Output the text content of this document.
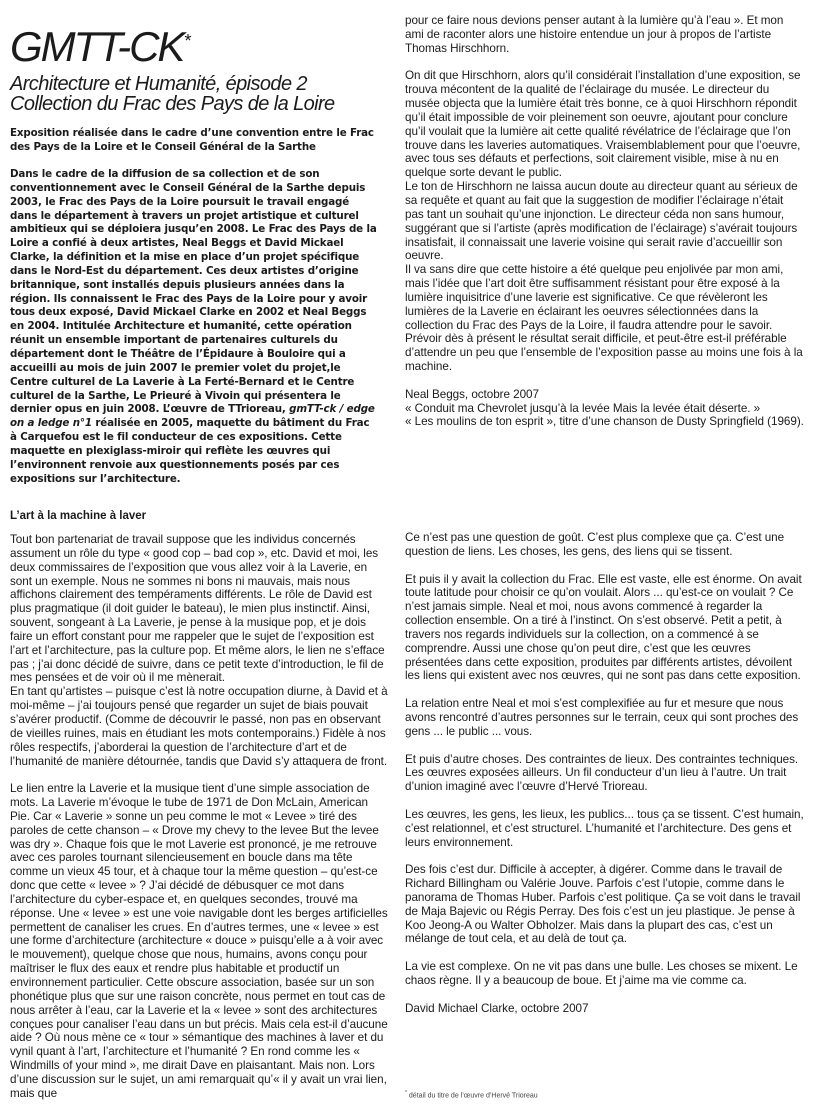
GMTT-CK*
Architecture et Humanité, épisode 2
Collection du Frac des Pays de la Loire
Exposition réalisée dans le cadre d’une convention entre le Frac des Pays de la Loire et le Conseil Général de la Sarthe
Dans le cadre de la diffusion de sa collection et de son conventionnement avec le Conseil Général de la Sarthe depuis 2003, le Frac des Pays de la Loire poursuit le travail engagé dans le département à travers un projet artistique et culturel ambitieux qui se déploiera jusqu’en 2008. Le Frac des Pays de la Loire a confié à deux artistes, Neal Beggs et David Mickael Clarke, la définition et la mise en place d’un projet spécifique dans le Nord-Est du département. Ces deux artistes d’origine britannique, sont installés depuis plusieurs années dans la région. Ils connaissent le Frac des Pays de la Loire pour y avoir tous deux exposé, David Mickael Clarke en 2002 et Neal Beggs en 2004. Intitulée Architecture et humanité, cette opération réunit un ensemble important de partenaires culturels du département dont le Théâtre de l’Épidaure à Bouloire qui a accueilli au mois de juin 2007 le premier volet du projet,le Centre culturel de La Laverie à La Ferté-Bernard et le Centre culturel de la Sarthe, Le Prieuré à Vivoin qui présentera le dernier opus en juin 2008. L’œuvre de TTrioreau, gmTT-ck / edge on a ledge n°1 réalisée en 2005, maquette du bâtiment du Frac à Carquefou est le fil conducteur de ces expositions. Cette maquette en plexiglass-miroir qui reflète les œuvres qui l’environnent renvoie aux questionnements posés par ces expositions sur l’architecture.

pour ce faire nous devions penser autant à la lumière qu’à l’eau ». Et mon ami de raconter alors une histoire entendue un jour à propos de l’artiste Thomas Hirschhorn.

On dit que Hirschhorn, alors qu’il considérait l’installation d’une exposition, se trouva mécontent de la qualité de l’éclairage du musée. Le directeur du musée objecta que la lumière était très bonne, ce à quoi Hirschhorn répondit qu’il était impossible de voir pleinement son oeuvre, ajoutant pour conclure qu’il voulait que la lumière ait cette qualité révélatrice de l’éclairage que l’on trouve dans les laveries automatiques. Vraisemblablement pour que l’oeuvre, avec tous ses défauts et perfections, soit clairement visible, mise à nu en quelque sorte devant le public.

Le ton de Hirschhorn ne laissa aucun doute au directeur quant au sérieux de sa requête et quant au fait que la suggestion de modifier l’éclairage n’était pas tant un souhait qu’une injonction. Le directeur céda non sans humour, suggérant que si l’artiste (après modification de l’éclairage) s’avérait toujours insatisfait, il connaissait une laverie voisine qui serait ravie d’accueillir son oeuvre.

Il va sans dire que cette histoire a été quelque peu enjolivée par mon ami, mais l’idée que l’art doit être suffisamment résistant pour être exposé à la lumière inquisitrice d’une laverie est significative. Ce que révèleront les lumières de la Laverie en éclairant les oeuvres sélectionnées dans la collection du Frac des Pays de la Loire, il faudra attendre pour le savoir. Prévoir dès à présent le résultat serait difficile, et peut-être est-il préférable d’attendre un peu que l’ensemble de l’exposition passe au moins une fois à la machine.

Neal Beggs, octobre 2007

« Conduit ma Chevrolet jusqu’à la levée Mais la levée était déserte. »

« Les moulins de ton esprit », titre d’une chanson de Dusty Springfield (1969).

L’art à la machine à laver

Tout bon partenariat de travail suppose que les individus concernés assument un rôle du type « good cop – bad cop », etc. David et moi, les deux commissaires de l’exposition que vous allez voir à la Laverie, en sont un exemple. Nous ne sommes ni bons ni mauvais, mais nous affichons clairement des tempéraments différents. Le rôle de David est plus pragmatique (il doit guider le bateau), le mien plus instinctif. Ainsi, souvent, songeant à La Laverie, je pense à la musique pop, et je dois faire un effort constant pour me rappeler que le sujet de l’exposition est l’art et l’architecture, pas la culture pop. Et même alors, le lien ne s’efface pas ; j’ai donc décidé de suivre, dans ce petit texte d’introduction, le fil de mes pensées et de voir où il me mènerait.

En tant qu’artistes – puisque c’est là notre occupation diurne, à David et à moi-même – j’ai toujours pensé que regarder un sujet de biais pouvait s’avérer productif. (Comme de découvrir le passé, non pas en observant de vieilles ruines, mais en étudiant les mots contemporains.) Fidèle à nos rôles respectifs, j’aborderai la question de l’architecture d’art et de l’humanité de manière détournée, tandis que David s’y attaquera de front.

Le lien entre la Laverie et la musique tient d’une simple association de mots. La Laverie m’évoque le tube de 1971 de Don McLain, American Pie. Car « Laverie » sonne un peu comme le mot « Levee » tiré des paroles de cette chanson – « Drove my chevy to the levee But the levee was dry ». Chaque fois que le mot Laverie est prononcé, je me retrouve avec ces paroles tournant silencieusement en boucle dans ma tête comme un vieux 45 tour, et à chaque tour la même question – qu’est-ce donc que cette « levee » ? J’ai décidé de débusquer ce mot dans l’architecture du cyber-espace et, en quelques secondes, trouvé ma réponse. Une « levee » est une voie navigable dont les berges artificielles permettent de canaliser les crues. En d’autres termes, une « levee » est une forme d’architecture (architecture « douce » puisqu’elle a à voir avec le mouvement), quelque chose que nous, humains, avons conçu pour maîtriser le flux des eaux et rendre plus habitable et productif un environnement particulier. Cette obscure association, basée sur un son phonétique plus que sur une raison concrète, nous permet en tout cas de nous arrêter à l’eau, car la Laverie et la « levee » sont des architectures conçues pour canaliser l’eau dans un but précis. Mais cela est-il d’aucune aide ? Où nous mène ce « tour » sémantique des machines à laver et du vynil quant à l’art, l’architecture et l’humanité ? En rond comme les « Windmills of your mind », me dirait Dave en plaisantant. Mais non. Lors d’une discussion sur le sujet, un ami remarquait qu’« il y avait un vrai lien, mais que

Ce n’est pas une question de goût. C’est plus complexe que ça. C’est une question de liens. Les choses, les gens, des liens qui se tissent.

Et puis il y avait la collection du Frac. Elle est vaste, elle est énorme. On avait toute latitude pour choisir ce qu’on voulait. Alors ... qu’est-ce on voulait ? Ce n’est jamais simple. Neal et moi, nous avons commencé à regarder la collection ensemble. On a tiré à l’instinct. On s’est observé. Petit a petit, à travers nos regards individuels sur la collection, on a commencé à se comprendre. Aussi une chose qu’on peut dire, c’est que les œuvres présentées dans cette exposition, produites par différents artistes, dévoilent les liens qui existent avec nos œuvres, qui ne sont pas dans cette exposition.

La relation entre Neal et moi s’est complexifiée au fur et mesure que nous avons rencontré d’autres personnes sur le terrain, ceux qui sont proches des gens ... le public ... vous.

Et puis d’autre choses. Des contraintes de lieux. Des contraintes techniques. Les œuvres exposées ailleurs. Un fil conducteur d’un lieu à l’autre. Un trait d’union imaginé avec l’œuvre d’Hervé Trioreau.

Les œuvres, les gens, les lieux, les publics... tous ça se tissent. C’est humain, c’est relationnel, et c’est structurel. L’humanité et l’architecture. Des gens et leurs environnement.

Des fois c’est dur. Difficile à accepter, à digérer. Comme dans le travail de Richard Billingham ou Valérie Jouve. Parfois c’est l’utopie, comme dans le panorama de Thomas Huber. Parfois c’est politique. Ça se voit dans le travail de Maja Bajevic ou Régis Perray. Des fois c’est un jeu plastique. Je pense à Koo Jeong-A ou Walter Obholzer. Mais dans la plupart des cas, c’est un mélange de tout cela, et au delà de tout ça.

La vie est complexe. On ne vit pas dans une bulle. Les choses se mixent. Le chaos règne. Il y a beaucoup de boue. Et j’aime ma vie comme ca.

David Michael Clarke, octobre 2007

* détail du titre de l’œuvre d’Hervé Trioreau
